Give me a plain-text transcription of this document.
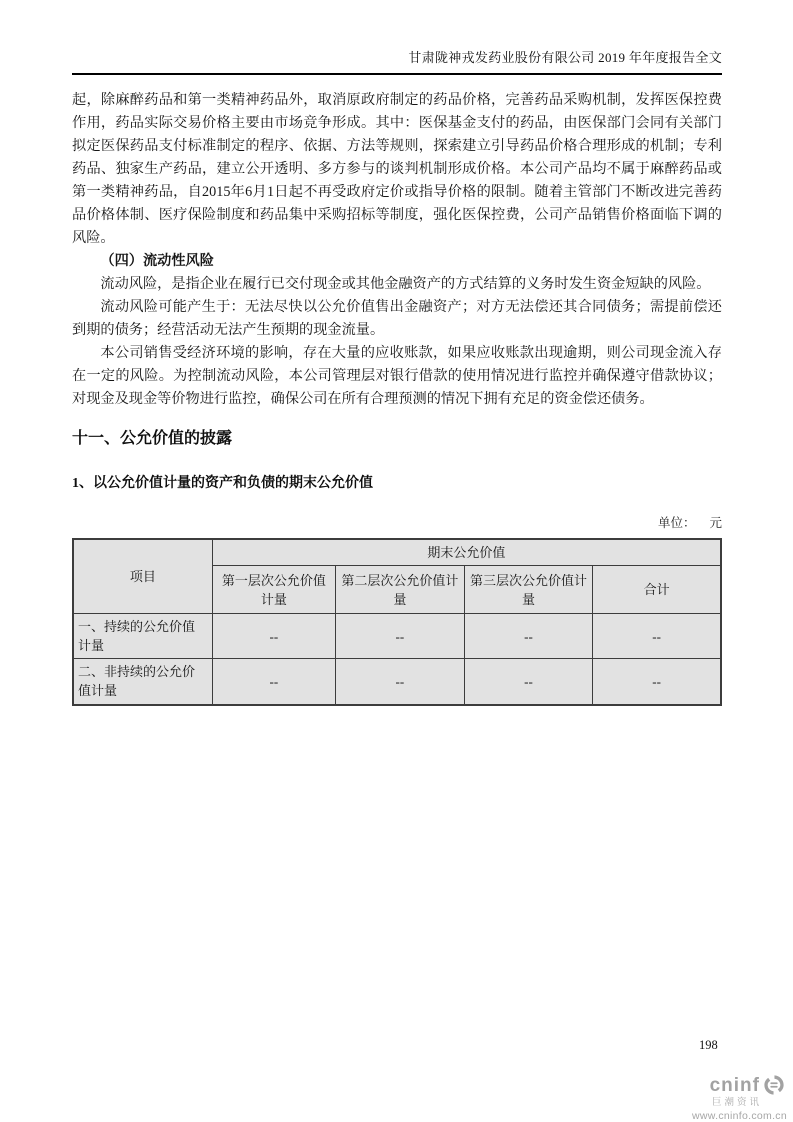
甘肃陇神戎发药业股份有限公司 2019 年年度报告全文

起，除麻醉药品和第一类精神药品外，取消原政府制定的药品价格，完善药品采购机制，发挥医保控费作用，药品实际交易价格主要由市场竞争形成。其中：医保基金支付的药品，由医保部门会同有关部门拟定医保药品支付标准制定的程序、依据、方法等规则，探索建立引导药品价格合理形成的机制；专利药品、独家生产药品，建立公开透明、多方参与的谈判机制形成价格。本公司产品均不属于麻醉药品或第一类精神药品，自2015年6月1日起不再受政府定价或指导价格的限制。随着主管部门不断改进完善药品价格体制、医疗保险制度和药品集中采购招标等制度，强化医保控费，公司产品销售价格面临下调的风险。

（四）流动性风险

流动风险，是指企业在履行已交付现金或其他金融资产的方式结算的义务时发生资金短缺的风险。

流动风险可能产生于：无法尽快以公允价值售出金融资产；对方无法偿还其合同债务；需提前偿还到期的债务；经营活动无法产生预期的现金流量。

本公司销售受经济环境的影响，存在大量的应收账款，如果应收账款出现逾期，则公司现金流入存在一定的风险。为控制流动风险，本公司管理层对银行借款的使用情况进行监控并确保遵守借款协议；对现金及现金等价物进行监控，确保公司在所有合理预测的情况下拥有充足的资金偿还债务。

十一、公允价值的披露
1、以公允价值计量的资产和负债的期末公允价值
单位： 元
项目	期末公允价值			
	第一层次公允价值计量	第二层次公允价值计量	第三层次公允价值计量	合计
一、持续的公允价值计量	--	--	--	--
二、非持续的公允价值计量	--	--	--	--
198
cninf
巨潮资讯
www.cninfo.com.cn
